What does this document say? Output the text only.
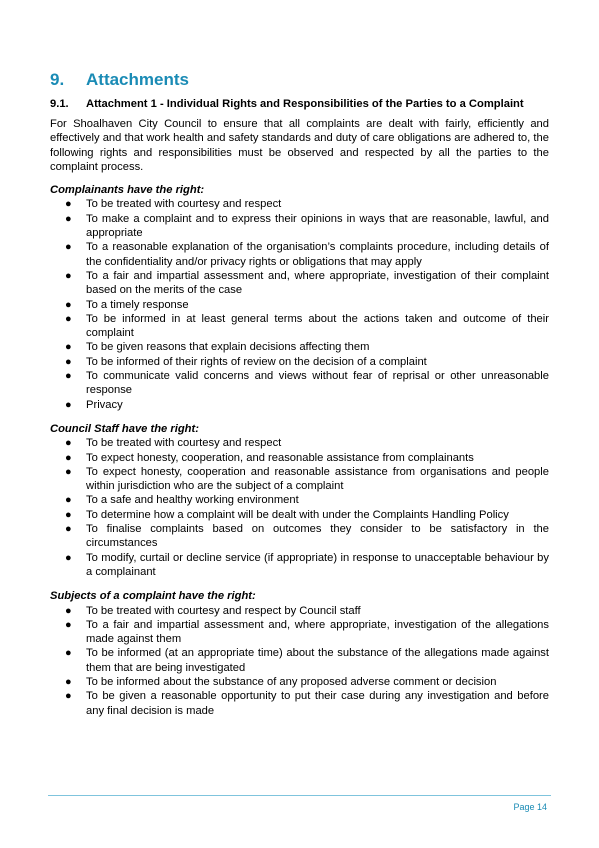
9.	Attachments
9.1.	Attachment 1 - Individual Rights and Responsibilities of the Parties to a Complaint

For Shoalhaven City Council to ensure that all complaints are dealt with fairly, efficiently and effectively and that work health and safety standards and duty of care obligations are adhered to, the following rights and responsibilities must be observed and respected by all the parties to the complaint process.

Complainants have the right:

● To be treated with courtesy and respect
● To make a complaint and to express their opinions in ways that are reasonable, lawful, and appropriate
● To a reasonable explanation of the organisation’s complaints procedure, including details of the confidentiality and/or privacy rights or obligations that may apply
● To a fair and impartial assessment and, where appropriate, investigation of their complaint based on the merits of the case
● To a timely response
● To be informed in at least general terms about the actions taken and outcome of their complaint
● To be given reasons that explain decisions affecting them
● To be informed of their rights of review on the decision of a complaint
● To communicate valid concerns and views without fear of reprisal or other unreasonable response
● Privacy

Council Staff have the right:

● To be treated with courtesy and respect
● To expect honesty, cooperation, and reasonable assistance from complainants
● To expect honesty, cooperation and reasonable assistance from organisations and people within jurisdiction who are the subject of a complaint
● To a safe and healthy working environment
● To determine how a complaint will be dealt with under the Complaints Handling Policy
● To finalise complaints based on outcomes they consider to be satisfactory in the circumstances
● To modify, curtail or decline service (if appropriate) in response to unacceptable behaviour by a complainant

Subjects of a complaint have the right:

● To be treated with courtesy and respect by Council staff
● To a fair and impartial assessment and, where appropriate, investigation of the allegations made against them
● To be informed (at an appropriate time) about the substance of the allegations made against them that are being investigated
● To be informed about the substance of any proposed adverse comment or decision
● To be given a reasonable opportunity to put their case during any investigation and before any final decision is made
Page 14
